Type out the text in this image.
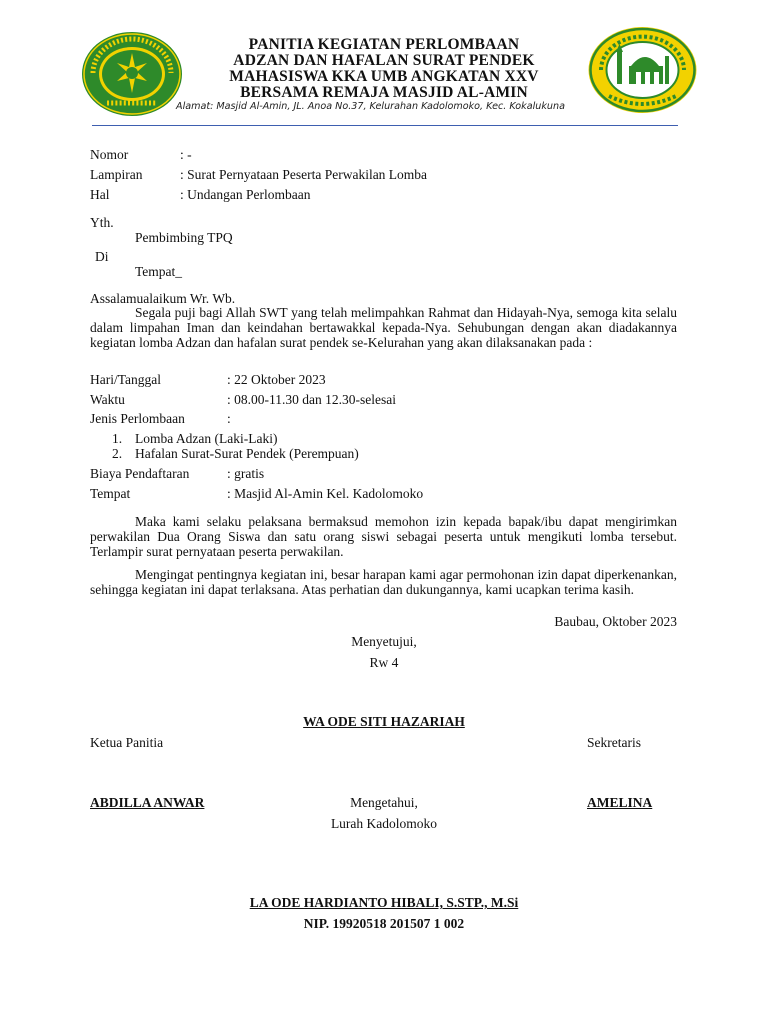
PANITIA KEGIATAN PERLOMBAAN
ADZAN DAN HAFALAN SURAT PENDEK
MAHASISWA KKA UMB ANGKATAN XXV
BERSAMA REMAJA MASJID AL-AMIN
Alamat: Masjid Al-Amin, JL. Anoa No.37, Kelurahan Kadolomoko, Kec. Kokalukuna
Nomor	: -
Lampiran	: Surat Pernyataan Peserta Perwakilan Lomba
Hal	: Undangan Perlombaan
Yth.
Pembimbing TPQ
Di
Tempat_
Assalamualaikum Wr. Wb.
Segala puji bagi Allah SWT yang telah melimpahkan Rahmat dan Hidayah-Nya, semoga kita selalu dalam limpahan Iman dan keindahan bertawakkal kepada-Nya. Sehubungan dengan akan diadakannya kegiatan lomba Adzan dan hafalan surat pendek se-Kelurahan yang akan dilaksanakan pada :
Hari/Tanggal	: 22 Oktober 2023
Waktu	: 08.00-11.30 dan 12.30-selesai
Jenis Perlombaan	:
1. Lomba Adzan (Laki-Laki)
2. Hafalan Surat-Surat Pendek (Perempuan)
Biaya Pendaftaran	: gratis
Tempat	: Masjid Al-Amin Kel. Kadolomoko
Maka kami selaku pelaksana bermaksud memohon izin kepada bapak/ibu dapat mengirimkan perwakilan Dua Orang Siswa dan satu orang siswi sebagai peserta untuk mengikuti lomba tersebut. Terlampir surat pernyataan peserta perwakilan.
Mengingat pentingnya kegiatan ini, besar harapan kami agar permohonan izin dapat diperkenankan, sehingga kegiatan ini dapat terlaksana. Atas perhatian dan dukungannya, kami ucapkan terima kasih.
Baubau, Oktober 2023
Menyetujui,
Rw 4
WA ODE SITI HAZARIAH
Ketua Panitia	Sekretaris
ABDILLA ANWAR	Mengetahui,	AMELINA
Lurah Kadolomoko
LA ODE HARDIANTO HIBALI, S.STP., M.Si
NIP. 19920518 201507 1 002
